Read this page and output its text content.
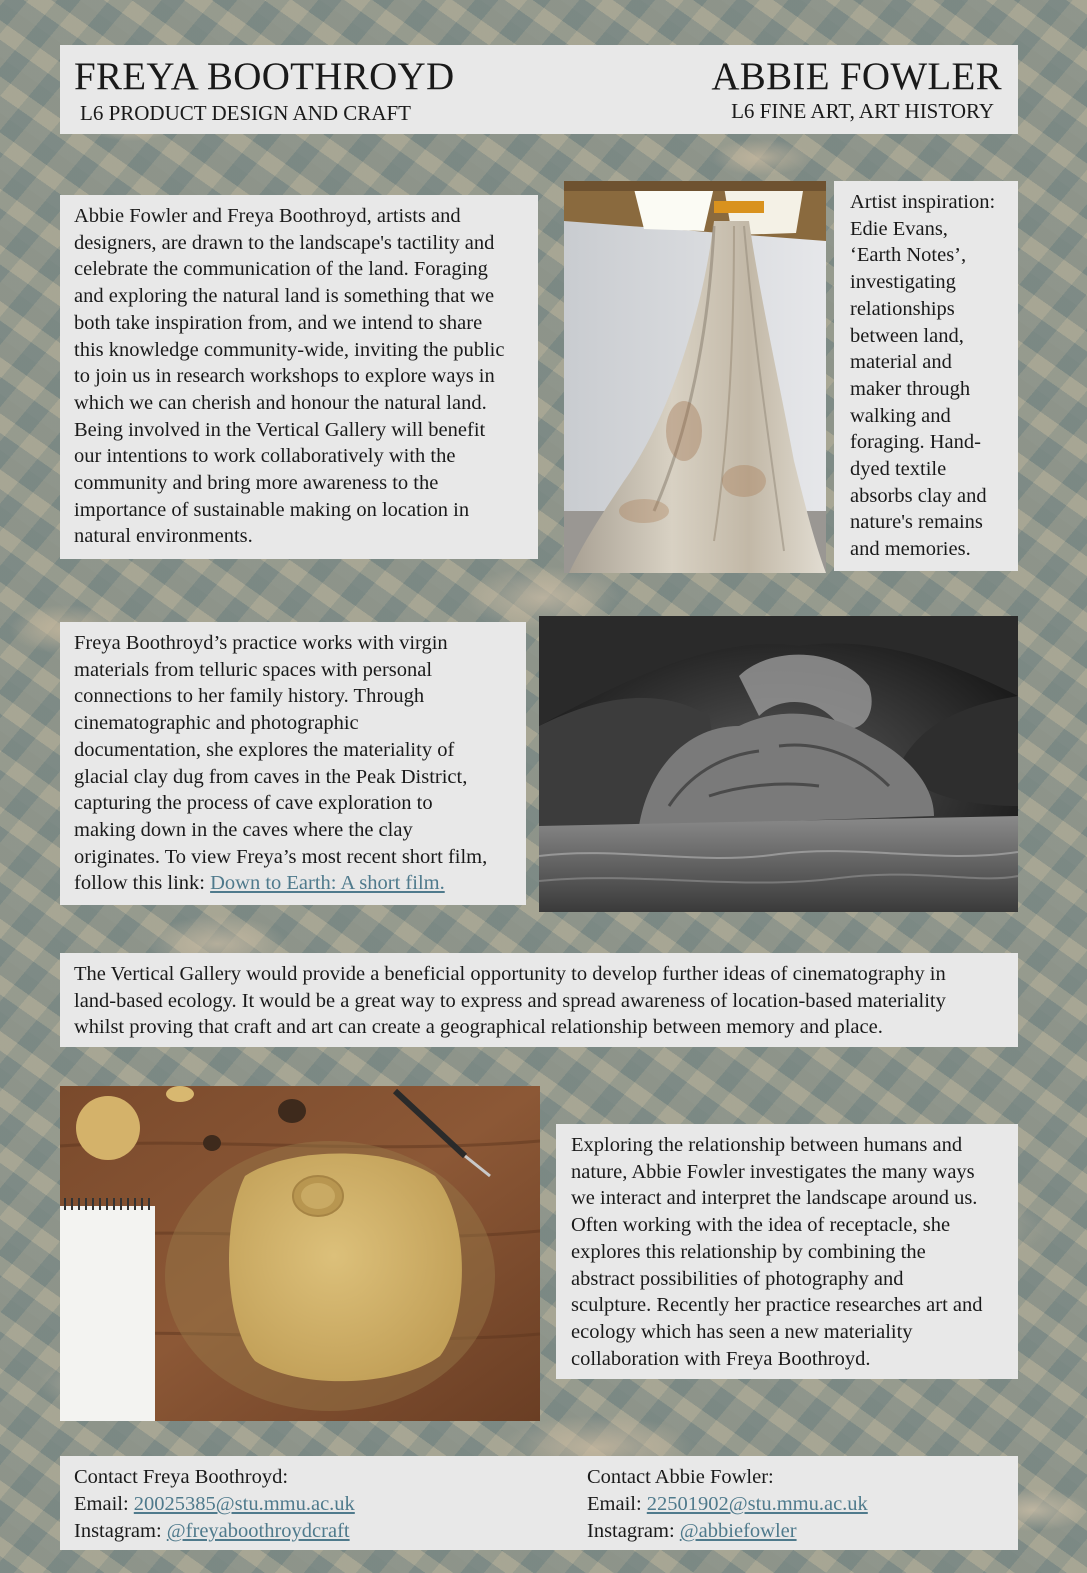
FREYA BOOTHROYD
L6 PRODUCT DESIGN AND CRAFT
ABBIE FOWLER
L6 FINE ART, ART HISTORY
Abbie Fowler and Freya Boothroyd, artists and
designers, are drawn to the landscape's tactility and
celebrate the communication of the land. Foraging
and exploring the natural land is something that we
both take inspiration from, and we intend to share
this knowledge community-wide, inviting the public
to join us in research workshops to explore ways in
which we can cherish and honour the natural land.
Being involved in the Vertical Gallery will benefit
our intentions to work collaboratively with the
community and bring more awareness to the
importance of sustainable making on location in
natural environments.
Artist inspiration:
Edie Evans,
‘Earth Notes’,
investigating
relationships
between land,
material and
maker through
walking and
foraging. Hand-
dyed textile
absorbs clay and
nature's remains
and memories.
Freya Boothroyd’s practice works with virgin
materials from telluric spaces with personal
connections to her family history. Through
cinematographic and photographic
documentation, she explores the materiality of
glacial clay dug from caves in the Peak District,
capturing the process of cave exploration to
making down in the caves where the clay
originates. To view Freya’s most recent short film,
follow this link: Down to Earth: A short film.
The Vertical Gallery would provide a beneficial opportunity to develop further ideas of cinematography in
land-based ecology. It would be a great way to express and spread awareness of location-based materiality
whilst proving that craft and art can create a geographical relationship between memory and place.
Exploring the relationship between humans and
nature, Abbie Fowler investigates the many ways
we interact and interpret the landscape around us.
Often working with the idea of receptacle, she
explores this relationship by combining the
abstract possibilities of photography and
sculpture. Recently her practice researches art and
ecology which has seen a new materiality
collaboration with Freya Boothroyd.
Contact Freya Boothroyd:
Email: 20025385@stu.mmu.ac.uk
Instagram: @freyaboothroydcraft
Contact Abbie Fowler:
Email: 22501902@stu.mmu.ac.uk
Instagram: @abbiefowler
